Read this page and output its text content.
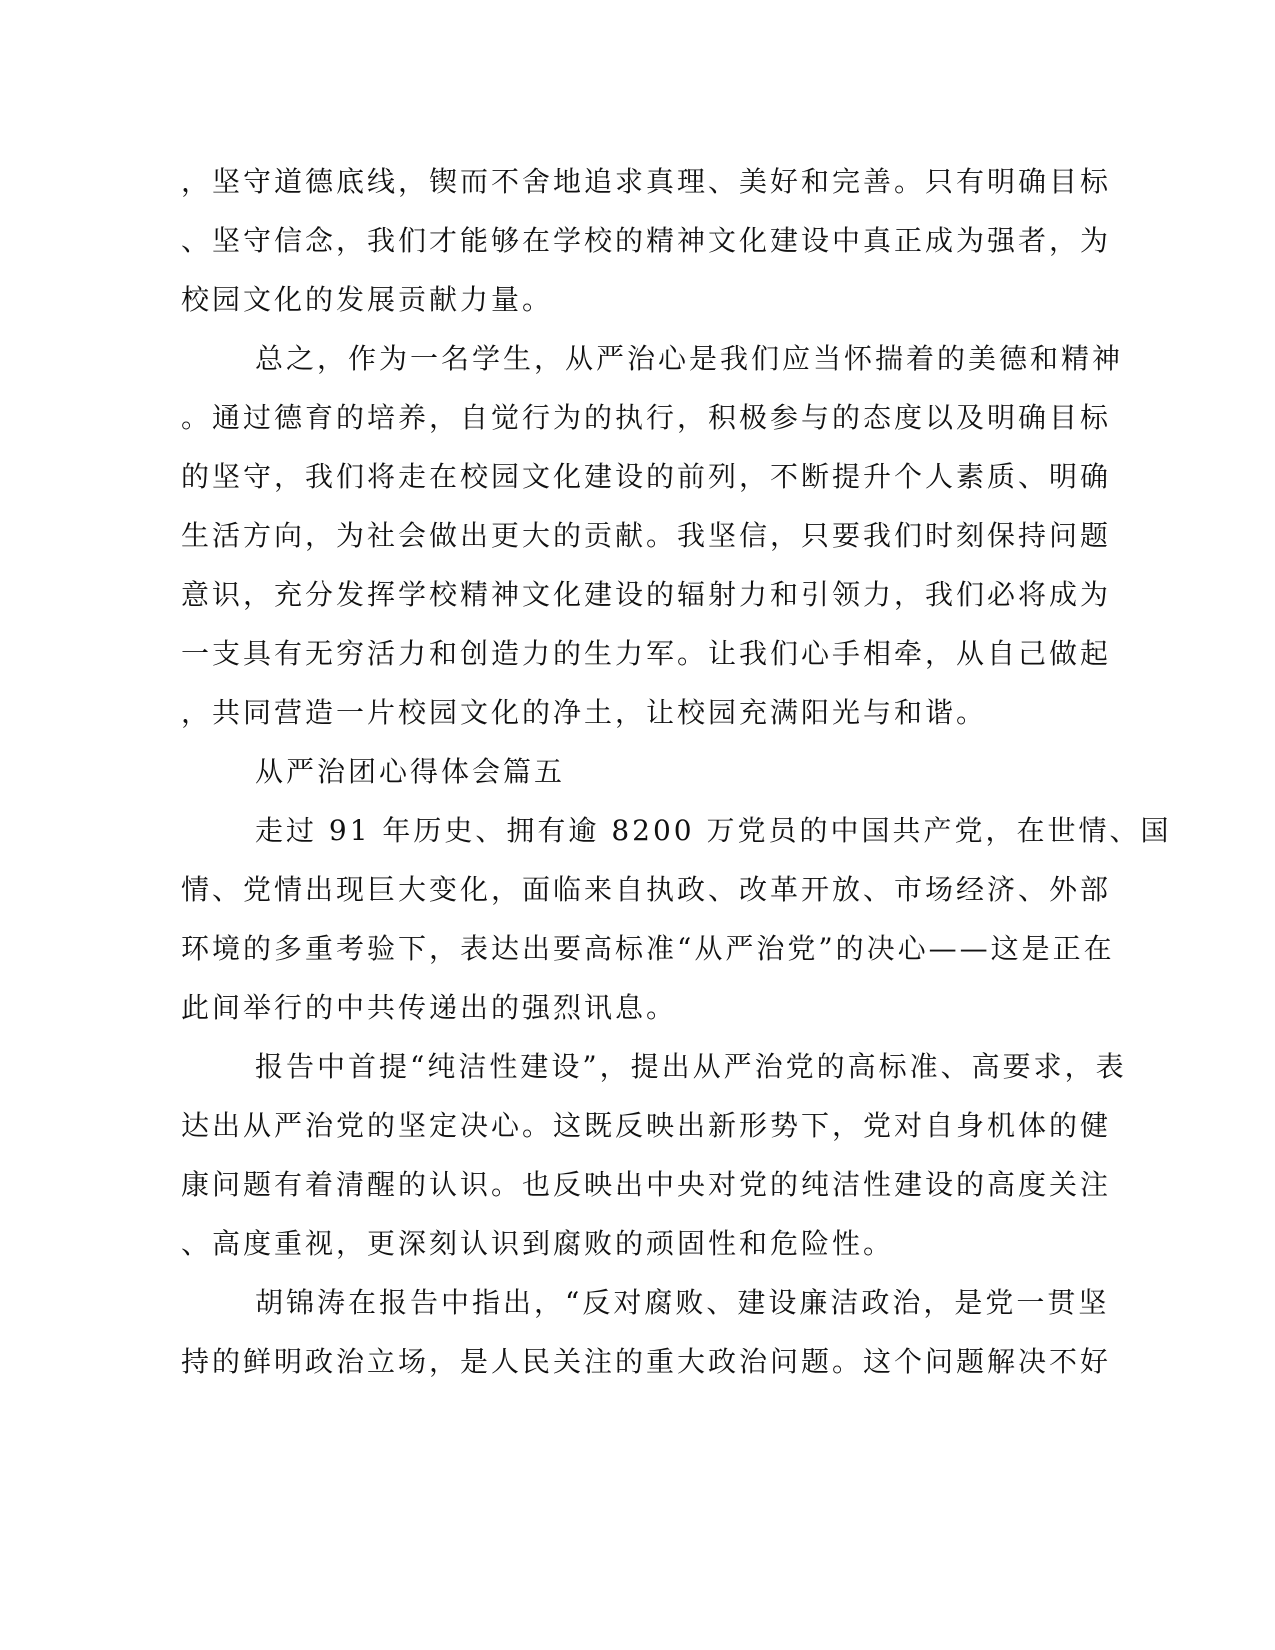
，坚守道德底线，锲而不舍地追求真理、美好和完善。只有明确目标
、坚守信念，我们才能够在学校的精神文化建设中真正成为强者，为
校园文化的发展贡献力量。
总之，作为一名学生，从严治心是我们应当怀揣着的美德和精神
。通过德育的培养，自觉行为的执行，积极参与的态度以及明确目标
的坚守，我们将走在校园文化建设的前列，不断提升个人素质、明确
生活方向，为社会做出更大的贡献。我坚信，只要我们时刻保持问题
意识，充分发挥学校精神文化建设的辐射力和引领力，我们必将成为
一支具有无穷活力和创造力的生力军。让我们心手相牵，从自己做起
，共同营造一片校园文化的净土，让校园充满阳光与和谐。
从严治团心得体会篇五
走过 91 年历史、拥有逾 8200 万党员的中国共产党，在世情、国
情、党情出现巨大变化，面临来自执政、改革开放、市场经济、外部
环境的多重考验下，表达出要高标准“从严治党”的决心——这是正在
此间举行的中共传递出的强烈讯息。
报告中首提“纯洁性建设”，提出从严治党的高标准、高要求，表
达出从严治党的坚定决心。这既反映出新形势下，党对自身机体的健
康问题有着清醒的认识。也反映出中央对党的纯洁性建设的高度关注
、高度重视，更深刻认识到腐败的顽固性和危险性。
胡锦涛在报告中指出，“反对腐败、建设廉洁政治，是党一贯坚
持的鲜明政治立场，是人民关注的重大政治问题。这个问题解决不好
